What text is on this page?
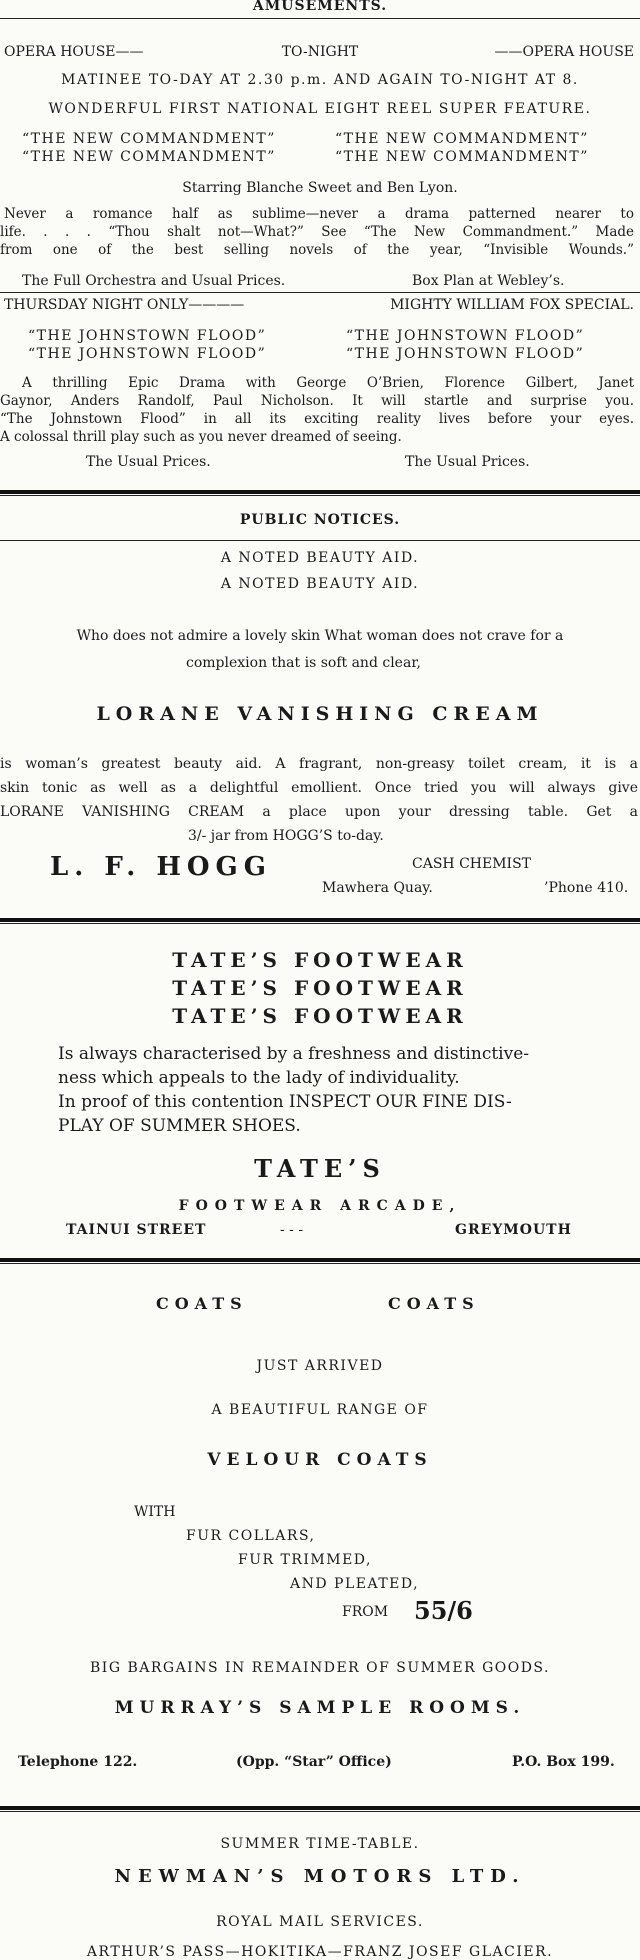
AMUSEMENTS.
OPERA HOUSE——	TO-NIGHT	——OPERA HOUSE
MATINEE TO-DAY AT 2.30 p.m. AND AGAIN TO-NIGHT AT 8.
WONDERFUL FIRST NATIONAL EIGHT REEL SUPER FEATURE.
“THE NEW COMMANDMENT”	“THE NEW COMMANDMENT”
“THE NEW COMMANDMENT”	“THE NEW COMMANDMENT”
Starring Blanche Sweet and Ben Lyon.
Never a romance half as sublime—never a drama patterned nearer to
life. . . . “Thou shalt not—What?” See “The New Commandment.” Made
from one of the best selling novels of the year, “Invisible Wounds.”
The Full Orchestra and Usual Prices.	Box Plan at Webley’s.
THURSDAY NIGHT ONLY————	MIGHTY WILLIAM FOX SPECIAL.
“THE JOHNSTOWN FLOOD”	“THE JOHNSTOWN FLOOD”
“THE JOHNSTOWN FLOOD”	“THE JOHNSTOWN FLOOD”
A thrilling Epic Drama with George O’Brien, Florence Gilbert, Janet
Gaynor, Anders Randolf, Paul Nicholson. It will startle and surprise you.
“The Johnstown Flood” in all its exciting reality lives before your eyes.
A colossal thrill play such as you never dreamed of seeing.
The Usual Prices.	The Usual Prices.
PUBLIC NOTICES.
A NOTED BEAUTY AID.
A NOTED BEAUTY AID.
Who does not admire a lovely skin What woman does not crave for a
complexion that is soft and clear,
LORANE VANISHING CREAM
is woman’s greatest beauty aid. A fragrant, non-greasy toilet cream, it is a
skin tonic as well as a delightful emollient. Once tried you will always give
LORANE VANISHING CREAM a place upon your dressing table. Get a
3/- jar from HOGG’S to-day.
L. F. HOGG	CASH CHEMIST
Mawhera Quay.	’Phone 410.
TATE’S FOOTWEAR
TATE’S FOOTWEAR
TATE’S FOOTWEAR
Is always characterised by a freshness and distinctive-
ness which appeals to the lady of individuality.
In proof of this contention INSPECT OUR FINE DIS-
PLAY OF SUMMER SHOES.
TATE’S
FOOTWEAR ARCADE,
TAINUI STREET	- - -	GREYMOUTH
COATS	COATS
JUST ARRIVED
A BEAUTIFUL RANGE OF
VELOUR COATS
WITH
FUR COLLARS,
FUR TRIMMED,
AND PLEATED,
FROM 55/6
BIG BARGAINS IN REMAINDER OF SUMMER GOODS.
MURRAY’S SAMPLE ROOMS.
Telephone 122.	(Opp. “Star” Office)	P.O. Box 199.
SUMMER TIME-TABLE.
NEWMAN’S MOTORS LTD.
ROYAL MAIL SERVICES.
ARTHUR’S PASS—HOKITIKA—FRANZ JOSEF GLACIER.
